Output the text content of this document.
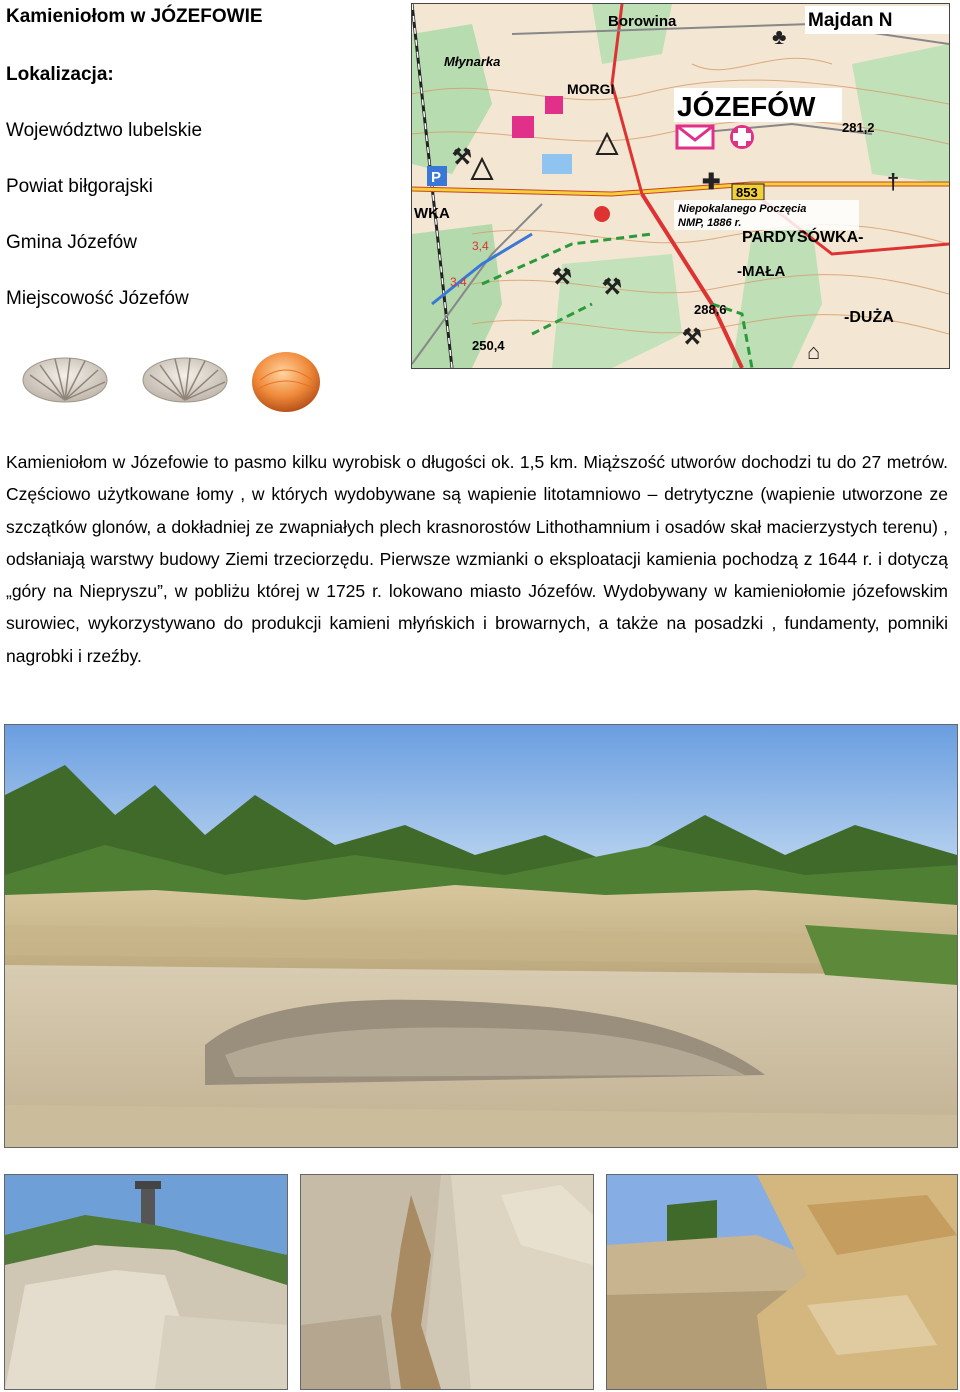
Kamieniołom w JÓZEFOWIE
Lokalizacja:
Województwo lubelskie
Powiat biłgorajski
Gmina Józefów
Miejscowość Józefów
P	†
⌂
⚒
⚒
⚒
⚒
✚
♣
Majdan N
Borowina
Młynarka
MORGI
JÓZEFÓW
281,2
853
Niepokalanego Poczęcia
NMP, 1886 r.
PARDYSÓWKA-
-MAŁA
-DUŻA
288,6
250,4
WKA
3,4
3,4
Kamieniołom w Józefowie to pasmo kilku wyrobisk o długości ok. 1,5 km. Miąższość utworów dochodzi tu do 27 metrów. Częściowo użytkowane łomy , w których wydobywane są wapienie litotamniowo – detrytyczne (wapienie utworzone ze szczątków glonów, a dokładniej ze zwapniałych plech krasnorostów Lithothamnium i osadów skał macierzystych terenu) , odsłaniają warstwy budowy Ziemi trzeciorzędu. Pierwsze wzmianki o eksploatacji kamienia pochodzą z 1644 r. i dotyczą „góry na Niepryszu”, w pobliżu której w 1725 r. lokowano miasto Józefów. Wydobywany w kamieniołomie józefowskim surowiec, wykorzystywano do produkcji kamieni młyńskich i browarnych, a także na posadzki , fundamenty, pomniki nagrobki i rzeźby.
